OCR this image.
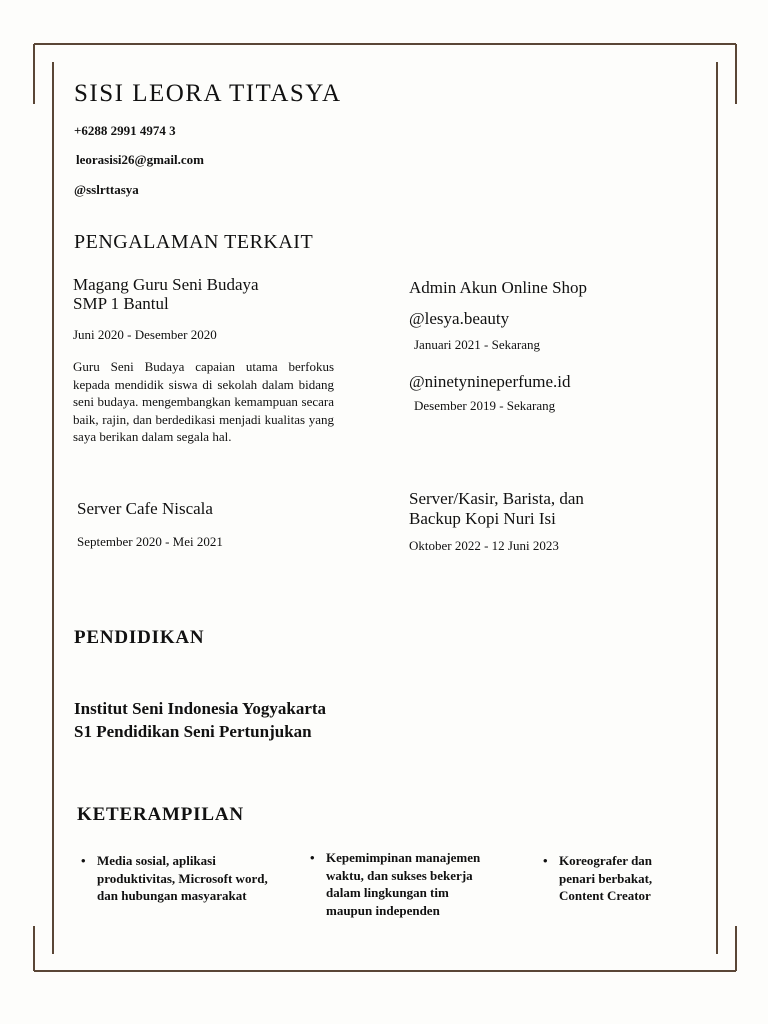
SISI LEORA TITASYA
+6288 2991 4974 3
leorasisi26@gmail.com
@sslrttasya
PENGALAMAN TERKAIT
Magang Guru Seni Budaya
SMP 1 Bantul
Juni 2020 - Desember 2020
Guru Seni Budaya capaian utama berfokus kepada mendidik siswa di sekolah dalam bidang seni budaya. mengembangkan kemampuan secara baik, rajin, dan berdedikasi menjadi kualitas yang saya berikan dalam segala hal.
Server Cafe Niscala
September 2020 - Mei 2021
Admin Akun Online Shop
@lesya.beauty
Januari 2021 - Sekarang
@ninetynineperfume.id
Desember 2019 - Sekarang
Server/Kasir, Barista, dan
Backup Kopi Nuri Isi
Oktober 2022 - 12 Juni 2023
PENDIDIKAN
Institut Seni Indonesia Yogyakarta
S1 Pendidikan Seni Pertunjukan
KETERAMPILAN
• Media sosial, aplikasi produktivitas, Microsoft word, dan hubungan masyarakat
• Kepemimpinan manajemen waktu, dan sukses bekerja dalam lingkungan tim maupun independen
• Koreografer dan penari berbakat, Content Creator
